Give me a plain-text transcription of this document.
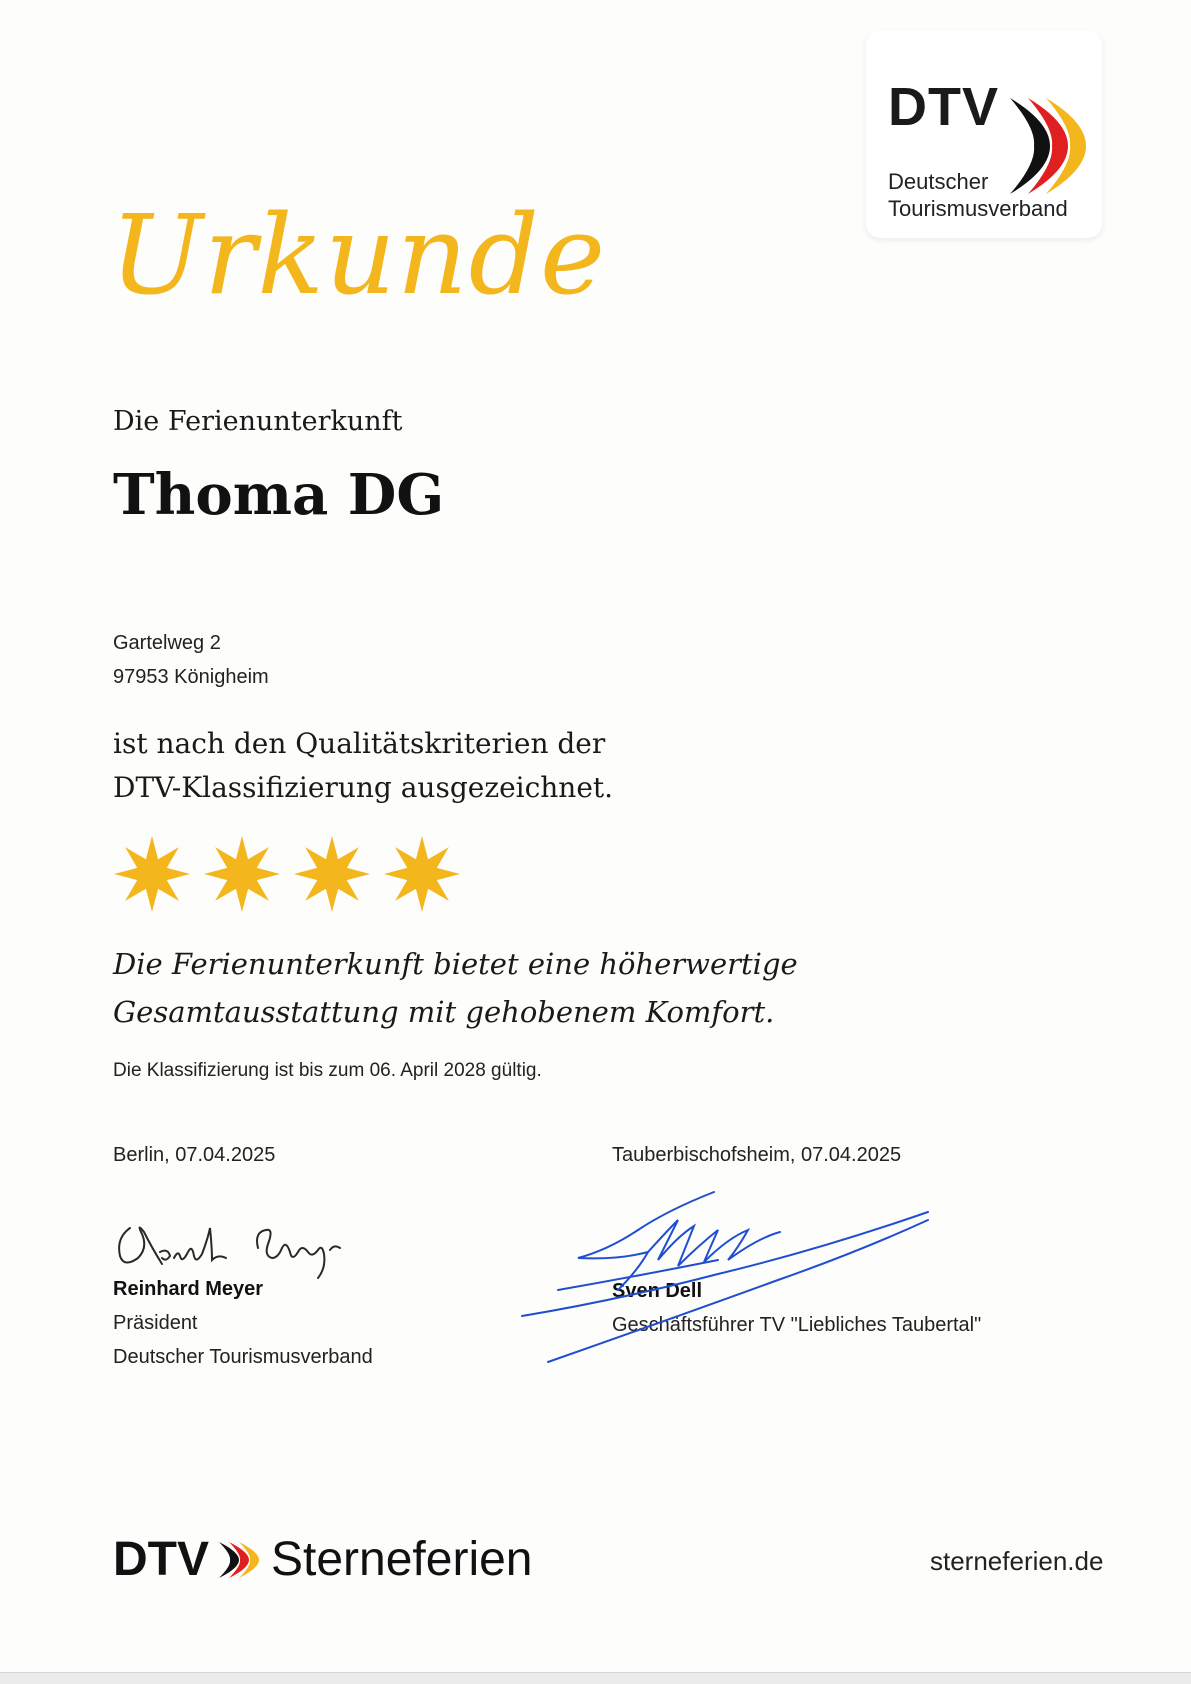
DTV
Deutscher
Tourismusverband
Urkunde
Die Ferienunterkunft
Thoma DG
Gartelweg 2
97953 Königheim
ist nach den Qualitätskriterien der
DTV-Klassifizierung ausgezeichnet.
Die Ferienunterkunft bietet eine höherwertige
Gesamtausstattung mit gehobenem Komfort.
Die Klassifizierung ist bis zum 06. April 2028 gültig.
Berlin, 07.04.2025
Reinhard Meyer
Präsident
Deutscher Tourismusverband
Tauberbischofsheim, 07.04.2025
Sven Dell
Geschäftsführer TV "Liebliches Taubertal"
DTV Sterneferien	sterneferien.de
